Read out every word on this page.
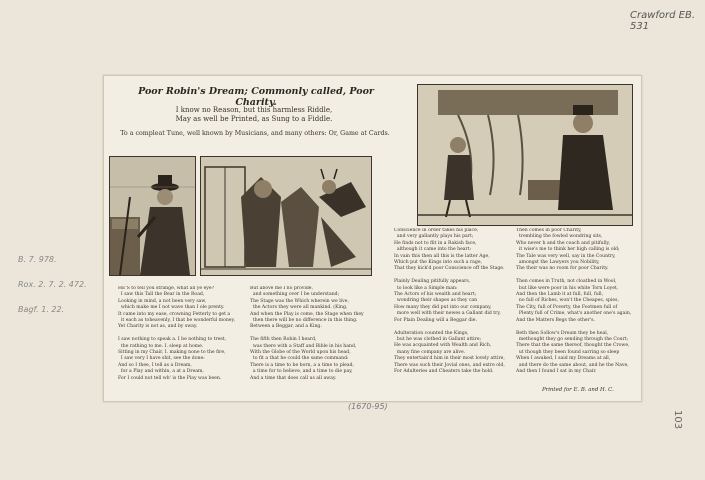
Crawford EB. 531
103
B. 7. 978.
Rox. 2. 7. 2. 472.
Bagf. 1. 22.
Poor Robin's Dream; Commonly called, Poor Charity.
I know no Reason, but this harmless Riddle,
May as well be Printed, as Sung to a Fiddle.
To a compleat Tune, well known by Musicians, and many others: Or, Game at Cards.
HE'S to tell you strange, what all ye eye?
I saw this Tall the Bear in the Road,
Looking in mind, a not been very saw,
which make me I not wave than I ole prenty.
It came into my ease, crowning Fetterly to get a
it each as toheavenly, I that be wonderful money,
Yet Charity is not as, and by sway.

I saw nothing to speak a. I be nothing to trest,
the rathing to me. I. sleep at home.
Sitting in my Chair, I. making none to the fire,
I saw very I have shit, see the done:
And so I thee, I tell as a Dream,
for a Play and within, a at a Dream,
For I could not tell wh' is the Play was been.
But above me I no provide,
and something over I be understand;
The Stage was the Which wherein we live,
the Actors they were all mankind. (King,
And when the Play is come, the Stage when they
then there will be no difference in this thing.
Between a Beggar, and a King.

The fifth then Robin I heard,
was there with a Staff and Bible in his hand,
With the Globe of the World upon his head,
to fit a that he could the same command:
There is a time to be born, a a time to plead,
a time for to believe, and a time to die pay,
And a time that does call us all away.
Conscience in order takes his place,
and very gallantly plays his part;
He finds not to flit in a Rakish face,
although it came into the heart:
In vain this then all this is the latter Age,
Which put the Kings into such a rage,
That they kick'd poor Conscience off the Stage.

Plainly Dealing pitifully appears,
to look like a Simple man:
The Actors of his wealth and heart;
wondring their shapes as they can
How many they did put into our company,
more well with their newes a Gallant did try,
For Plain Dealing will a Beggar die.

Adulteration counted the Kings,
but he was clothed in Gallant attire;
He was acquainted with Wealth and Rich,
many fine company are alive.
They entertain'd him in their most lovely attire,
There was such their Jovial ones, and extre old,
For Adulteries and Cheaters take the hold.
Then comes in poor Charity,
trembling the fowled wondring sits,
Who never h and the coach and pitifully,
it wise's me to think her high calling is old;
The Tale was very well, say in the Country,
amongst the Lawyers you Nobility,
The their was no room for poor Charity.

Then comes in Truth, not cloathed in Wool,
but like were poor in his white Torn Loyet,
And then the Lamb it at full, full, full,
no full of Riches, won't the Cheapes, spies,
The City, full of Poverty, the Footmen full of
Plenty full of Crime, what's another one's again,
And the Matters Begs the other's.

Beth then Sollow's Dream they be heal,
methought they go sending through the Court;
There that the same thereof, thought the Crowe,
ut though they been found sarring so sleep
When I awaked, I said my Dreams at all,
and there do the same about, and he the Nave,
And then I found I sat in my Chair.
Printed for E. B. and H. C.
(1670-95)
